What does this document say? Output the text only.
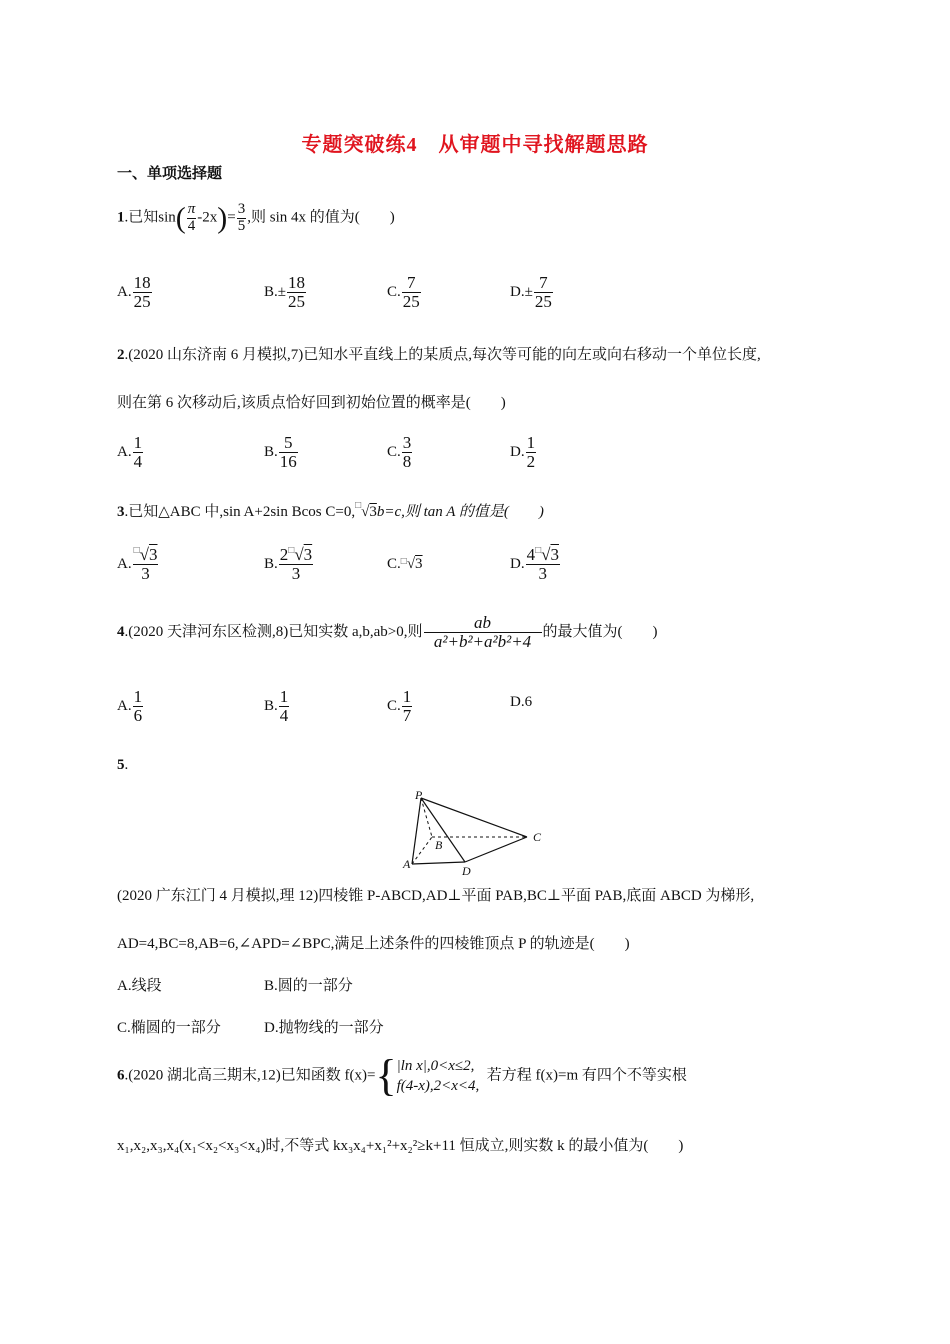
专题突破练4　从审题中寻找解题思路
一、单项选择题
1.已知$\sin( \frac{\pi}{4} -2x)= \frac{3}{5}$ ,则 sin 4x 的值为(　　)
A. $\frac{18}{25}$	$B.\pm \frac{18}{25}$	C. $\frac{7}{25}$	$D.\pm \frac{7}{25}$
2.(2020 山东济南 6 月模拟,7)已知水平直线上的某质点,每次等可能的向左或向右移动一个单位长度,
则在第 6 次移动后,该质点恰好回到初始位置的概率是(　　)
A. $\frac{1}{4}$	B. $\frac{5}{16}$	C. $\frac{3}{8}$	D. $\frac{1}{2}$
3.已知△ABC 中,sin A+2sin Bcos C=0,□√3b=c,则 tan A 的值是(　　)
A. $\frac{^□√3}{3}$	B. $\frac{2^□√3}{3}$	C.□√3	D. $\frac{4^□√3}{3}$
4.(2020 天津河东区检测,8)已知实数 a,b,ab>0,则 $\frac{ab}{\text{a²+b²+a²b²+4}}$的最大值为(　　)
A. $\frac{1}{6}$	B. $\frac{1}{4}$	C. $\frac{1}{7}$	D.6
5.
P
A
B
C
D
(2020 广东江门 4 月模拟,理 12)四棱锥 P-ABCD,AD⊥平面 PAB,BC⊥平面 PAB,底面 ABCD 为梯形,
AD=4,BC=8,AB=6,∠APD=∠BPC,满足上述条件的四棱锥顶点 P 的轨迹是(　　)
A.线段	B.圆的一部分
C.椭圆的一部分	D.抛物线的一部分
6.(2020 湖北高三期末,12)已知函数 f(x)={|ln x|,0<x≤2,
f(4-x),2<x<4,  若方程 f(x)=m 有四个不等实根
x₁,x₂,x₃,x₄(x₁<x₂<x₃<x₄)时,不等式 kx₃x₄+x₁²+x₂²≥k+11 恒成立,则实数 k 的最小值为(　　)
